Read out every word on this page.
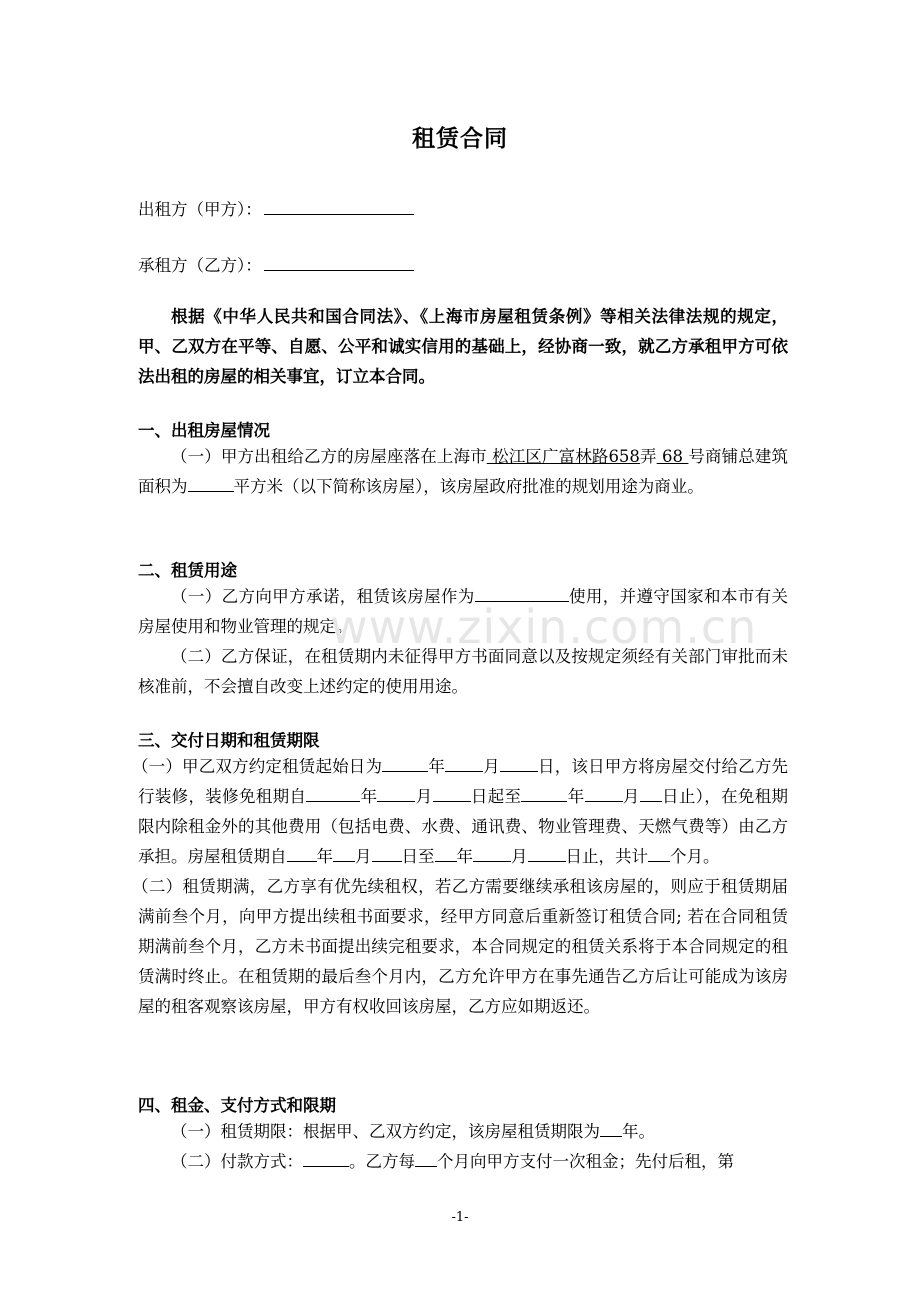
租赁合同
出租方（甲方）：
承租方（乙方）：
根据《中华人民共和国合同法》、《上海市房屋租赁条例》等相关法律法规的规定，甲、乙双方在平等、自愿、公平和诚实信用的基础上，经协商一致，就乙方承租甲方可依法出租的房屋的相关事宜，订立本合同。
一、出租房屋情况

（一）甲方出租给乙方的房屋座落在上海市 松江区广富林路658弄 68 号商铺总建筑面积为	平方米（以下简称该房屋），该房屋政府批准的规划用途为商业。

二、租赁用途

（一）乙方向甲方承诺，租赁该房屋作为	使用，并遵守国家和本市有关房屋使用和物业管理的规定。

（二）乙方保证，在租赁期内未征得甲方书面同意以及按规定须经有关部门审批而未核准前，不会擅自改变上述约定的使用用途。

三、交付日期和租赁期限

（一）甲乙双方约定租赁起始日为	年 月 日，该日甲方将房屋交付给乙方先行装修，装修免租期自	年 月 日起至	年 月 日止），在免租期限内除租金外的其他费用（包括电费、水费、通讯费、物业管理费、天燃气费等）由乙方承担。房屋租赁期自 年 月 日至 年 月 日止，共计 个月。

（二）租赁期满，乙方享有优先续租权，若乙方需要继续承租该房屋的，则应于租赁期届满前叁个月，向甲方提出续租书面要求，经甲方同意后重新签订租赁合同; 若在合同租赁期满前叁个月，乙方未书面提出续完租要求，本合同规定的租赁关系将于本合同规定的租赁满时终止。在租赁期的最后叁个月内，乙方允许甲方在事先通告乙方后让可能成为该房屋的租客观察该房屋，甲方有权收回该房屋，乙方应如期返还。

四、租金、支付方式和限期

（一）租赁期限：根据甲、乙双方约定，该房屋租赁期限为 年。

（二）付款方式：	。乙方每 个月向甲方支付一次租金；先付后租，第

www.zixin.com.cn
-1-
